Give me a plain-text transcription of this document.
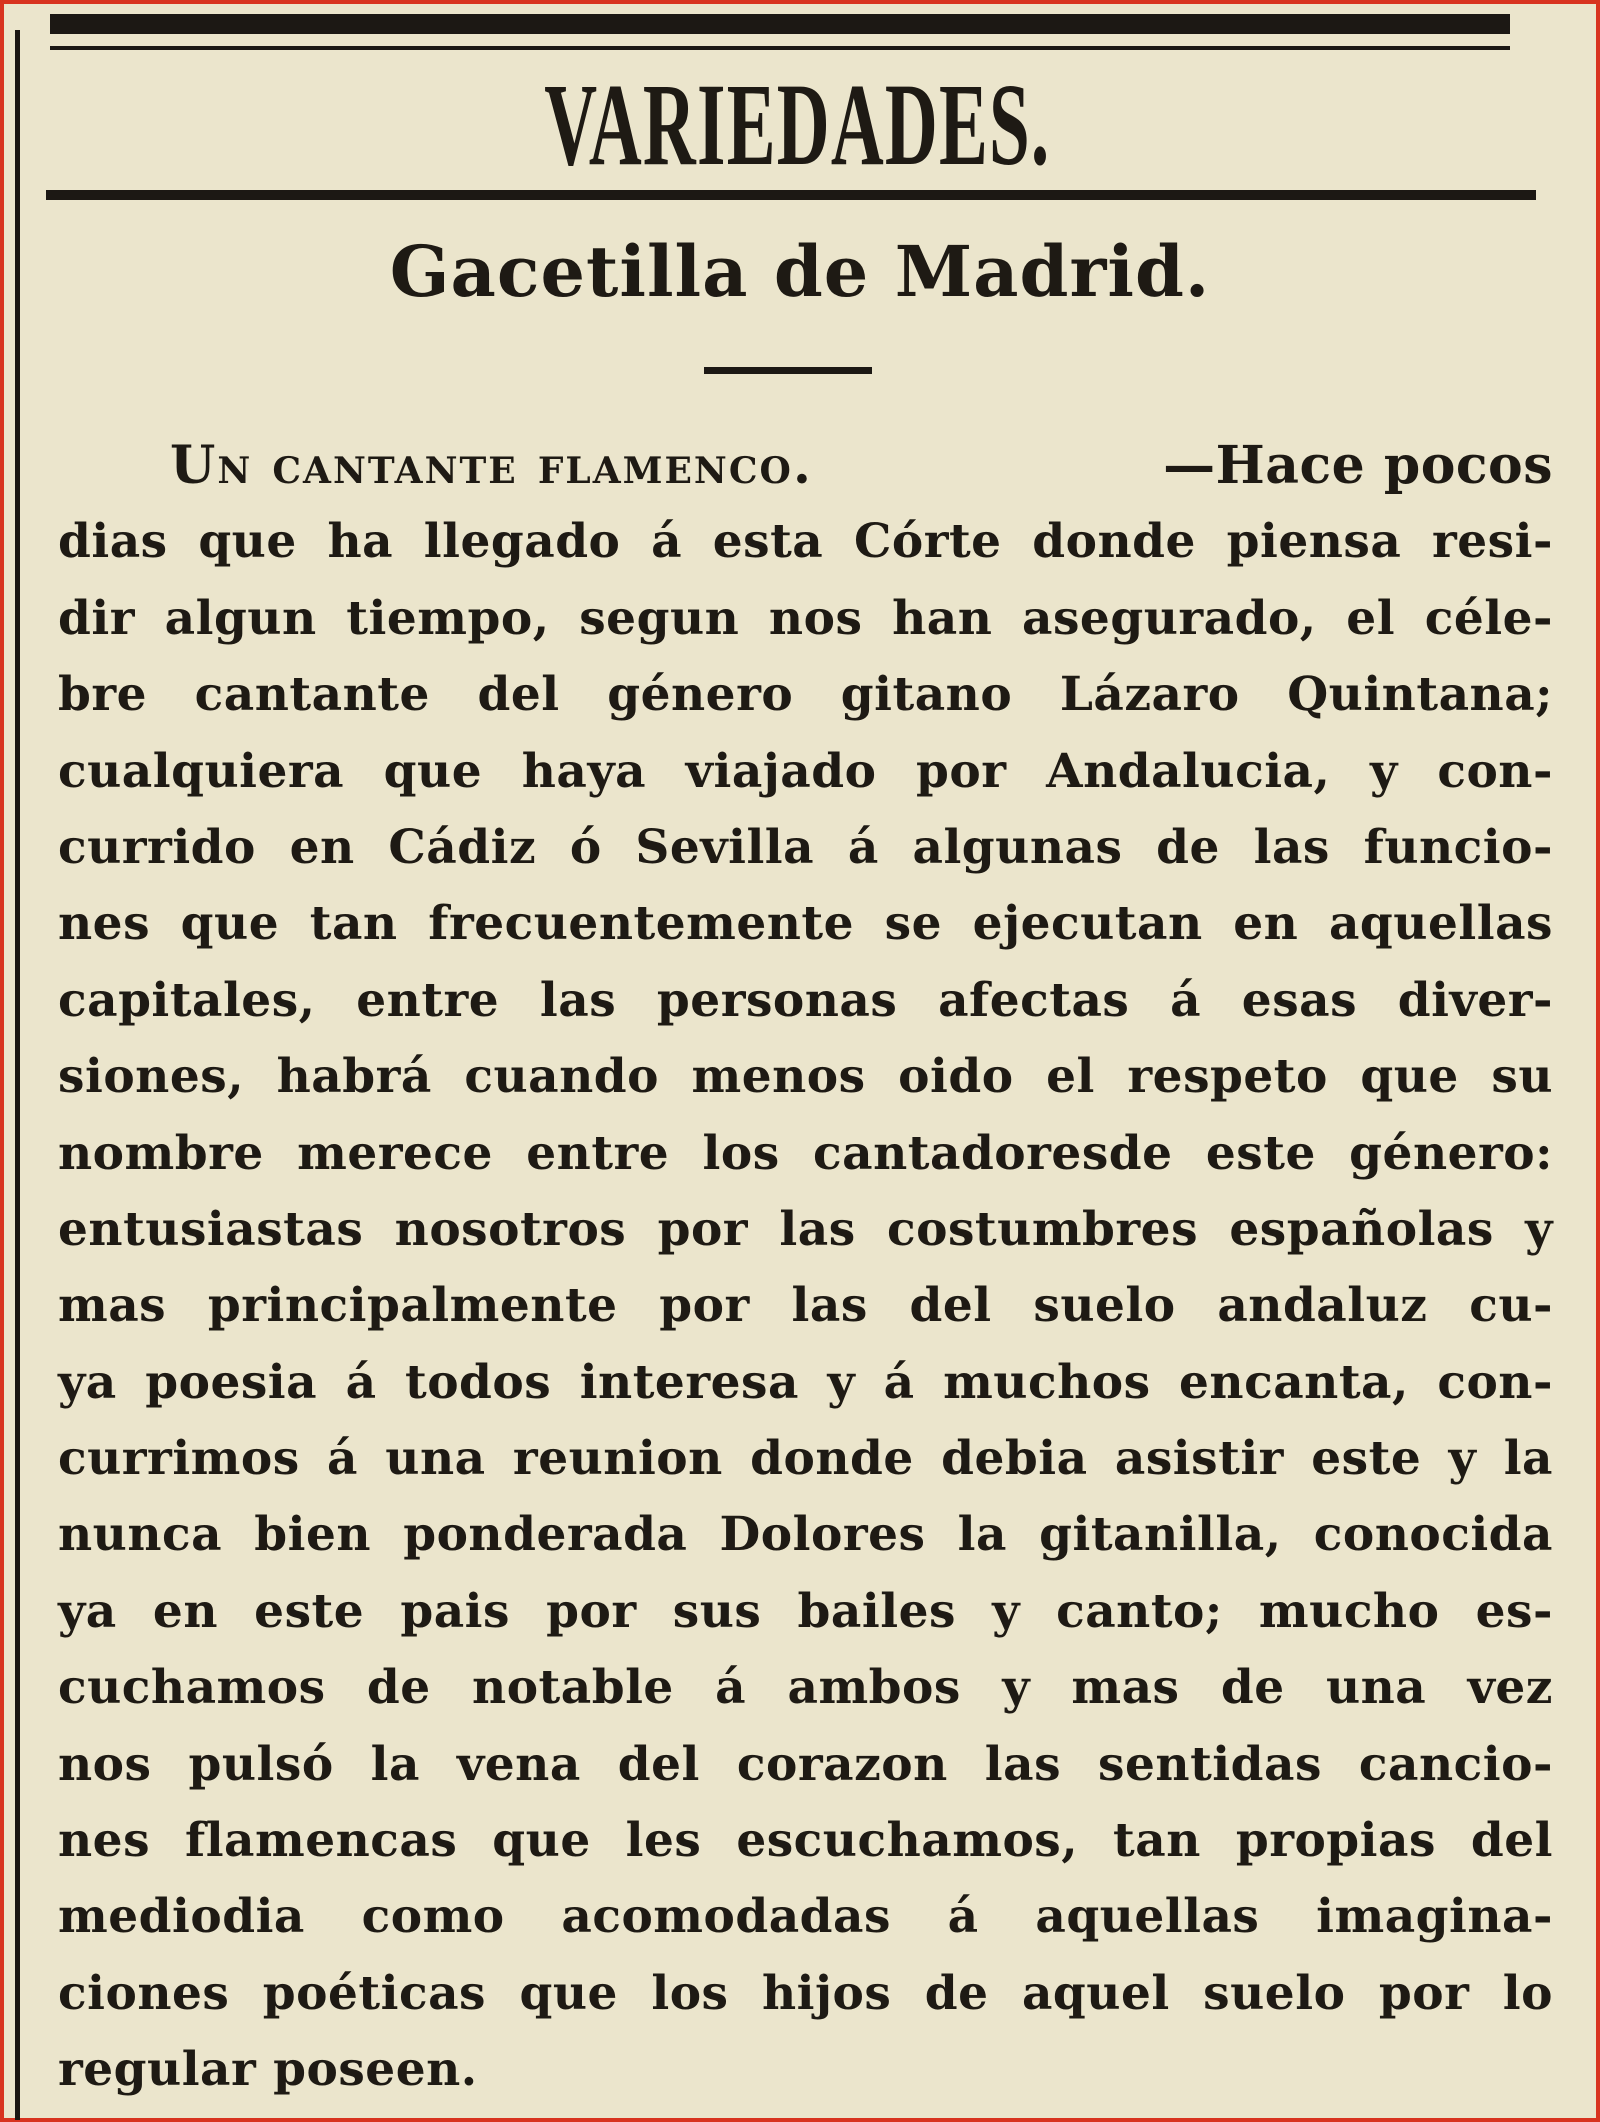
VARIEDADES.
Gacetilla de Madrid.
Un cantante flamenco.	—Hace pocos
dias que ha llegado á esta Córte donde piensa resi-
dir algun tiempo, segun nos han asegurado, el céle-
bre cantante del género gitano Lázaro Quintana;
cualquiera que haya viajado por Andalucia, y con-
currido en Cádiz ó Sevilla á algunas de las funcio-
nes que tan frecuentemente se ejecutan en aquellas
capitales, entre las personas afectas á esas diver-
siones, habrá cuando menos oido el respeto que su
nombre merece entre los cantadoresde este género:
entusiastas nosotros por las costumbres españolas y
mas principalmente por las del suelo andaluz cu-
ya poesia á todos interesa y á muchos encanta, con-
currimos á una reunion donde debia asistir este y la
nunca bien ponderada Dolores la gitanilla, conocida
ya en este pais por sus bailes y canto; mucho es-
cuchamos de notable á ambos y mas de una vez
nos pulsó la vena del corazon las sentidas cancio-
nes flamencas que les escuchamos, tan propias del
mediodia como acomodadas á aquellas imagina-
ciones poéticas que los hijos de aquel suelo por lo
regular poseen.
